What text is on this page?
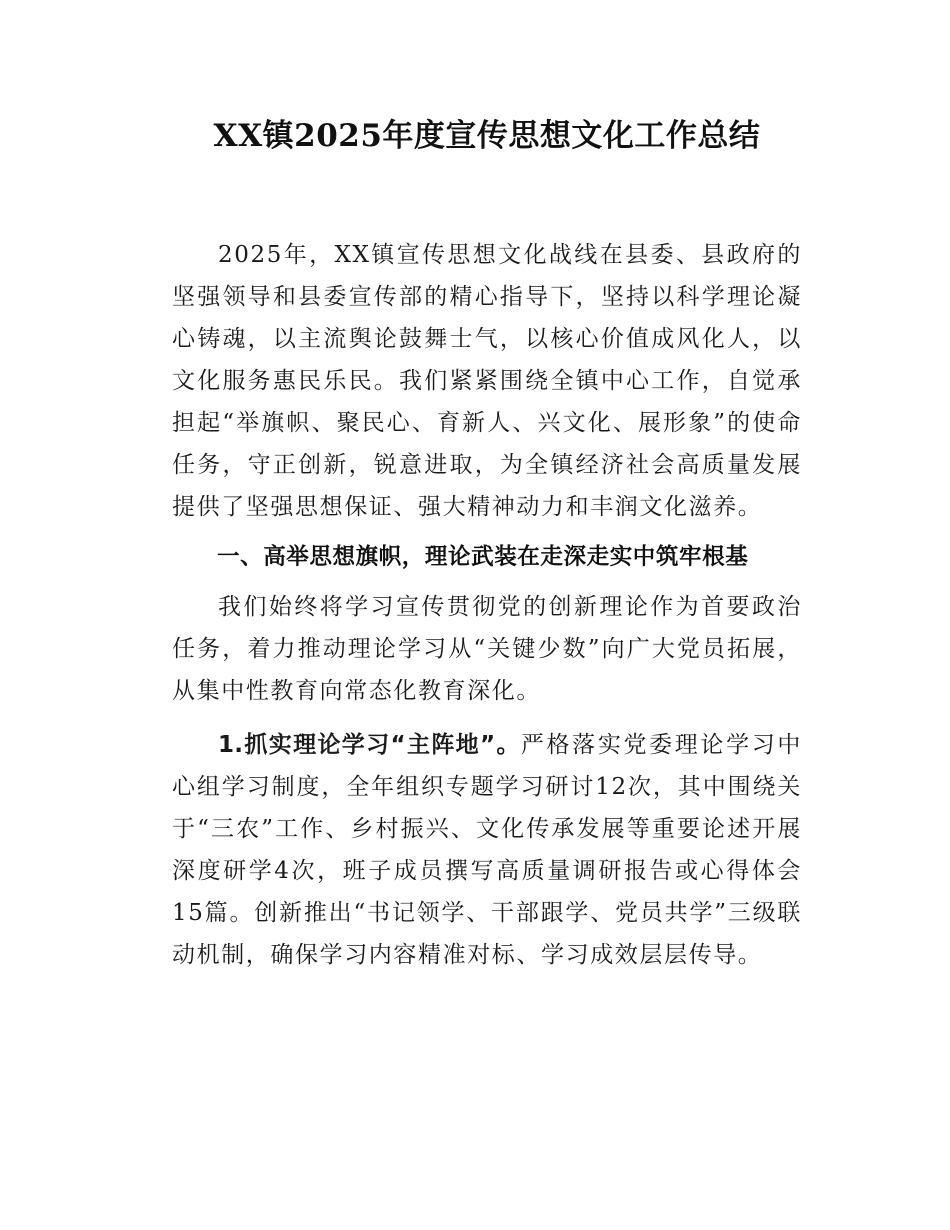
XX镇2025年度宣传思想文化工作总结

2025年，XX镇宣传思想文化战线在县委、县政府的坚强领导和县委宣传部的精心指导下，坚持以科学理论凝心铸魂，以主流舆论鼓舞士气，以核心价值成风化人，以文化服务惠民乐民。我们紧紧围绕全镇中心工作，自觉承担起“举旗帜、聚民心、育新人、兴文化、展形象”的使命任务，守正创新，锐意进取，为全镇经济社会高质量发展提供了坚强思想保证、强大精神动力和丰润文化滋养。

一、高举思想旗帜，理论武装在走深走实中筑牢根基

我们始终将学习宣传贯彻党的创新理论作为首要政治任务，着力推动理论学习从“关键少数”向广大党员拓展，从集中性教育向常态化教育深化。

1.抓实理论学习“主阵地”。严格落实党委理论学习中心组学习制度，全年组织专题学习研讨12次，其中围绕关于“三农”工作、乡村振兴、文化传承发展等重要论述开展深度研学4次，班子成员撰写高质量调研报告或心得体会15篇。创新推出“书记领学、干部跟学、党员共学”三级联动机制，确保学习内容精准对标、学习成效层层传导。
